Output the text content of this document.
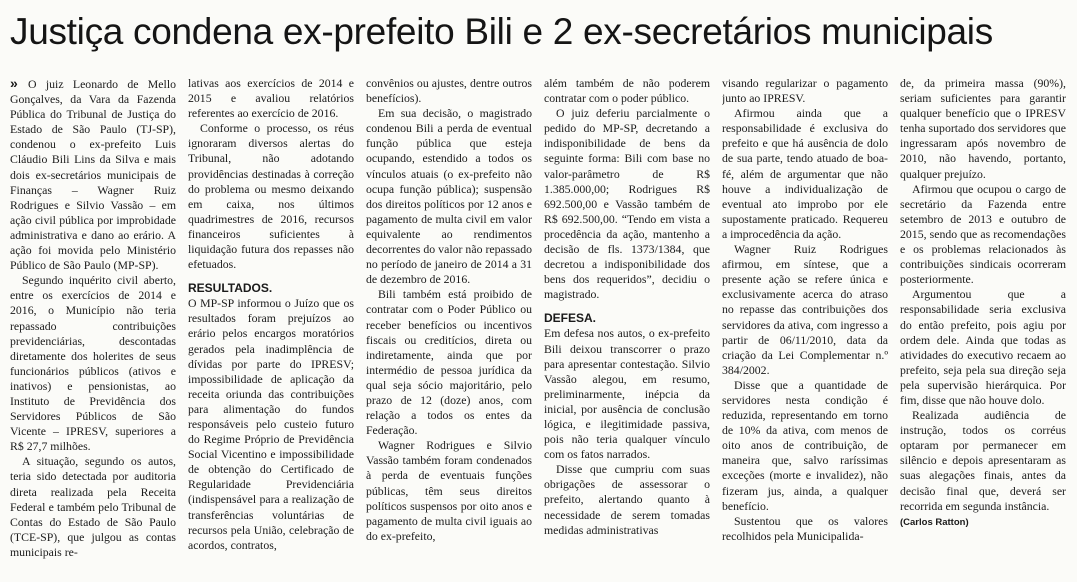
Justiça condena ex-prefeito Bili e 2 ex-secretários municipais

» O juiz Leonardo de Mello Gonçalves, da Vara da Fazenda Pública do Tribunal de Justiça do Estado de São Paulo (TJ-SP), condenou o ex-prefeito Luis Cláudio Bili Lins da Silva e mais dois ex-secretários municipais de Finanças – Wagner Ruiz Rodrigues e Silvio Vassão – em ação civil pública por improbidade administrativa e dano ao erário. A ação foi movida pelo Ministério Público de São Paulo (MP-SP).

Segundo inquérito civil aberto, entre os exercícios de 2014 e 2016, o Município não teria repassado contribuições previdenciárias, descontadas diretamente dos holerites de seus funcionários públicos (ativos e inativos) e pensionistas, ao Instituto de Previdência dos Servidores Públicos de São Vicente – IPRESV, superiores a R$ 27,7 milhões.

A situação, segundo os autos, teria sido detectada por auditoria direta realizada pela Receita Federal e também pelo Tribunal de Contas do Estado de São Paulo (TCE-SP), que julgou as contas municipais re-

lativas aos exercícios de 2014 e 2015 e avaliou relatórios referentes ao exercício de 2016.

Conforme o processo, os réus ignoraram diversos alertas do Tribunal, não adotando providências destinadas à correção do problema ou mesmo deixando em caixa, nos últimos quadrimestres de 2016, recursos financeiros suficientes à liquidação futura dos repasses não efetuados.

RESULTADOS.

O MP-SP informou o Juízo que os resultados foram prejuízos ao erário pelos encargos moratórios gerados pela inadimplência de dívidas por parte do IPRESV; impossibilidade de aplicação da receita oriunda das contribuições para alimentação do fundos responsáveis pelo custeio futuro do Regime Próprio de Previdência Social Vicentino e impossibilidade de obtenção do Certificado de Regularidade Previdenciária (indispensável para a realização de transferências voluntárias de recursos pela União, celebração de acordos, contratos,

convênios ou ajustes, dentre outros benefícios).

Em sua decisão, o magistrado condenou Bili a perda de eventual função pública que esteja ocupando, estendido a todos os vínculos atuais (o ex-prefeito não ocupa função pública); suspensão dos direitos políticos por 12 anos e pagamento de multa civil em valor equivalente ao rendimentos decorrentes do valor não repassado no período de janeiro de 2014 a 31 de dezembro de 2016.

Bili também está proibido de contratar com o Poder Público ou receber benefícios ou incentivos fiscais ou creditícios, direta ou indiretamente, ainda que por intermédio de pessoa jurídica da qual seja sócio majoritário, pelo prazo de 12 (doze) anos, com relação a todos os entes da Federação.

Wagner Rodrigues e Silvio Vassão também foram condenados à perda de eventuais funções públicas, têm seus direitos políticos suspensos por oito anos e pagamento de multa civil iguais ao do ex-prefeito,

além também de não poderem contratar com o poder público.

O juiz deferiu parcialmente o pedido do MP-SP, decretando a indisponibilidade de bens da seguinte forma: Bili com base no valor-parâmetro de R$ 1.385.000,00; Rodrigues R$ 692.500,00 e Vassão também de R$ 692.500,00. “Tendo em vista a procedência da ação, mantenho a decisão de fls. 1373/1384, que decretou a indisponibilidade dos bens dos requeridos”, decidiu o magistrado.

DEFESA.

Em defesa nos autos, o ex-prefeito Bili deixou transcorrer o prazo para apresentar contestação. Silvio Vassão alegou, em resumo, preliminarmente, inépcia da inicial, por ausência de conclusão lógica, e ilegitimidade passiva, pois não teria qualquer vínculo com os fatos narrados.

Disse que cumpriu com suas obrigações de assessorar o prefeito, alertando quanto à necessidade de serem tomadas medidas administrativas

visando regularizar o pagamento junto ao IPRESV.

Afirmou ainda que a responsabilidade é exclusiva do prefeito e que há ausência de dolo de sua parte, tendo atuado de boa-fé, além de argumentar que não houve a individualização de eventual ato improbo por ele supostamente praticado. Requereu a improcedência da ação.

Wagner Ruiz Rodrigues afirmou, em síntese, que a presente ação se refere única e exclusivamente acerca do atraso no repasse das contribuições dos servidores da ativa, com ingresso a partir de 06/11/2010, data da criação da Lei Complementar n.º 384/2002.

Disse que a quantidade de servidores nesta condição é reduzida, representando em torno de 10% da ativa, com menos de oito anos de contribuição, de maneira que, salvo raríssimas exceções (morte e invalidez), não fizeram jus, ainda, a qualquer benefício.

Sustentou que os valores recolhidos pela Municipalida-

de, da primeira massa (90%), seriam suficientes para garantir qualquer benefício que o IPRESV tenha suportado dos servidores que ingressaram após novembro de 2010, não havendo, portanto, qualquer prejuízo.

Afirmou que ocupou o cargo de secretário da Fazenda entre setembro de 2013 e outubro de 2015, sendo que as recomendações e os problemas relacionados às contribuições sindicais ocorreram posteriormente.

Argumentou que a responsabilidade seria exclusiva do então prefeito, pois agiu por ordem dele. Ainda que todas as atividades do executivo recaem ao prefeito, seja pela sua direção seja pela supervisão hierárquica. Por fim, disse que não houve dolo.

Realizada audiência de instrução, todos os corréus optaram por permanecer em silêncio e depois apresentaram as suas alegações finais, antes da decisão final que, deverá ser recorrida em segunda instância.

(Carlos Ratton)
